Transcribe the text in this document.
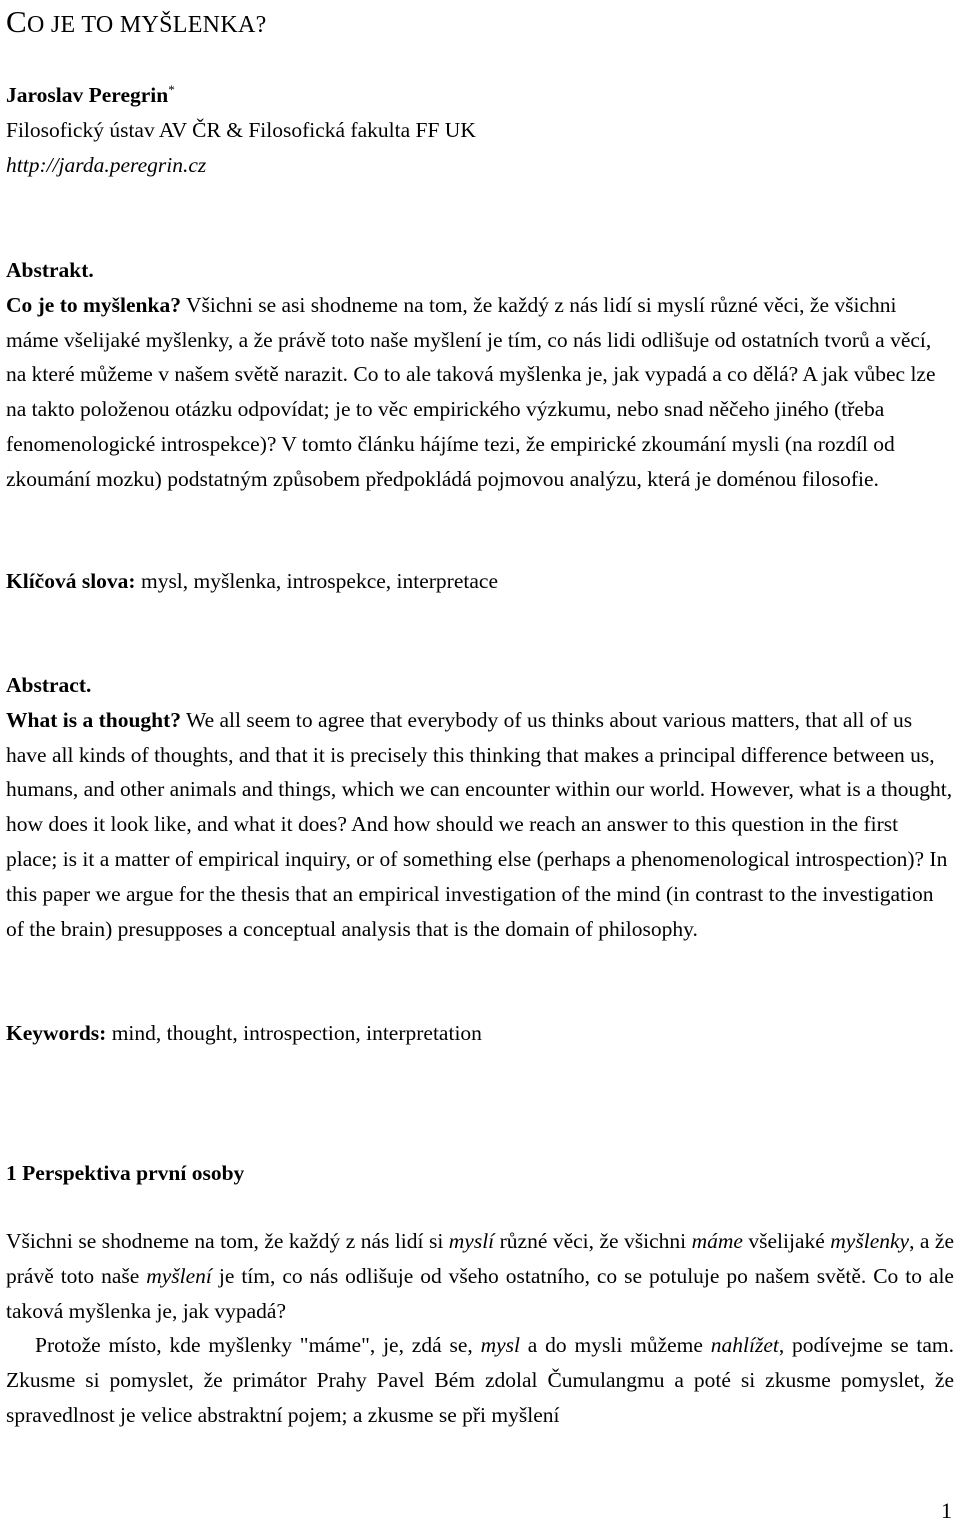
CO JE TO MYŠLENKA?
Jaroslav Peregrin*
Filosofický ústav AV ČR & Filosofická fakulta FF UK
http://jarda.peregrin.cz
Abstrakt.

Co je to myšlenka? Všichni se asi shodneme na tom, že každý z nás lidí si myslí různé věci, že všichni máme všelijaké myšlenky, a že právě toto naše myšlení je tím, co nás lidi odlišuje od ostatních tvorů a věcí, na které můžeme v našem světě narazit. Co to ale taková myšlenka je, jak vypadá a co dělá? A jak vůbec lze na takto položenou otázku odpovídat; je to věc empirického výzkumu, nebo snad něčeho jiného (třeba fenomenologické introspekce)? V tomto článku hájíme tezi, že empirické zkoumání mysli (na rozdíl od zkoumání mozku) podstatným způsobem předpokládá pojmovou analýzu, která je doménou filosofie.

Klíčová slova: mysl, myšlenka, introspekce, interpretace
Abstract.

What is a thought? We all seem to agree that everybody of us thinks about various matters, that all of us have all kinds of thoughts, and that it is precisely this thinking that makes a principal difference between us, humans, and other animals and things, which we can encounter within our world. However, what is a thought, how does it look like, and what it does? And how should we reach an answer to this question in the first place; is it a matter of empirical inquiry, or of something else (perhaps a phenomenological introspection)? In this paper we argue for the thesis that an empirical investigation of the mind (in contrast to the investigation of the brain) presupposes a conceptual analysis that is the domain of philosophy.

Keywords: mind, thought, introspection, interpretation
1 Perspektiva první osoby

Všichni se shodneme na tom, že každý z nás lidí si myslí různé věci, že všichni máme všelijaké myšlenky, a že právě toto naše myšlení je tím, co nás odlišuje od všeho ostatního, co se potuluje po našem světě. Co to ale taková myšlenka je, jak vypadá?

Protože místo, kde myšlenky "máme", je, zdá se, mysl a do mysli můžeme nahlížet, podívejme se tam. Zkusme si pomyslet, že primátor Prahy Pavel Bém zdolal Čumulangmu a poté si zkusme pomyslet, že spravedlnost je velice abstraktní pojem; a zkusme se při myšlení

1
